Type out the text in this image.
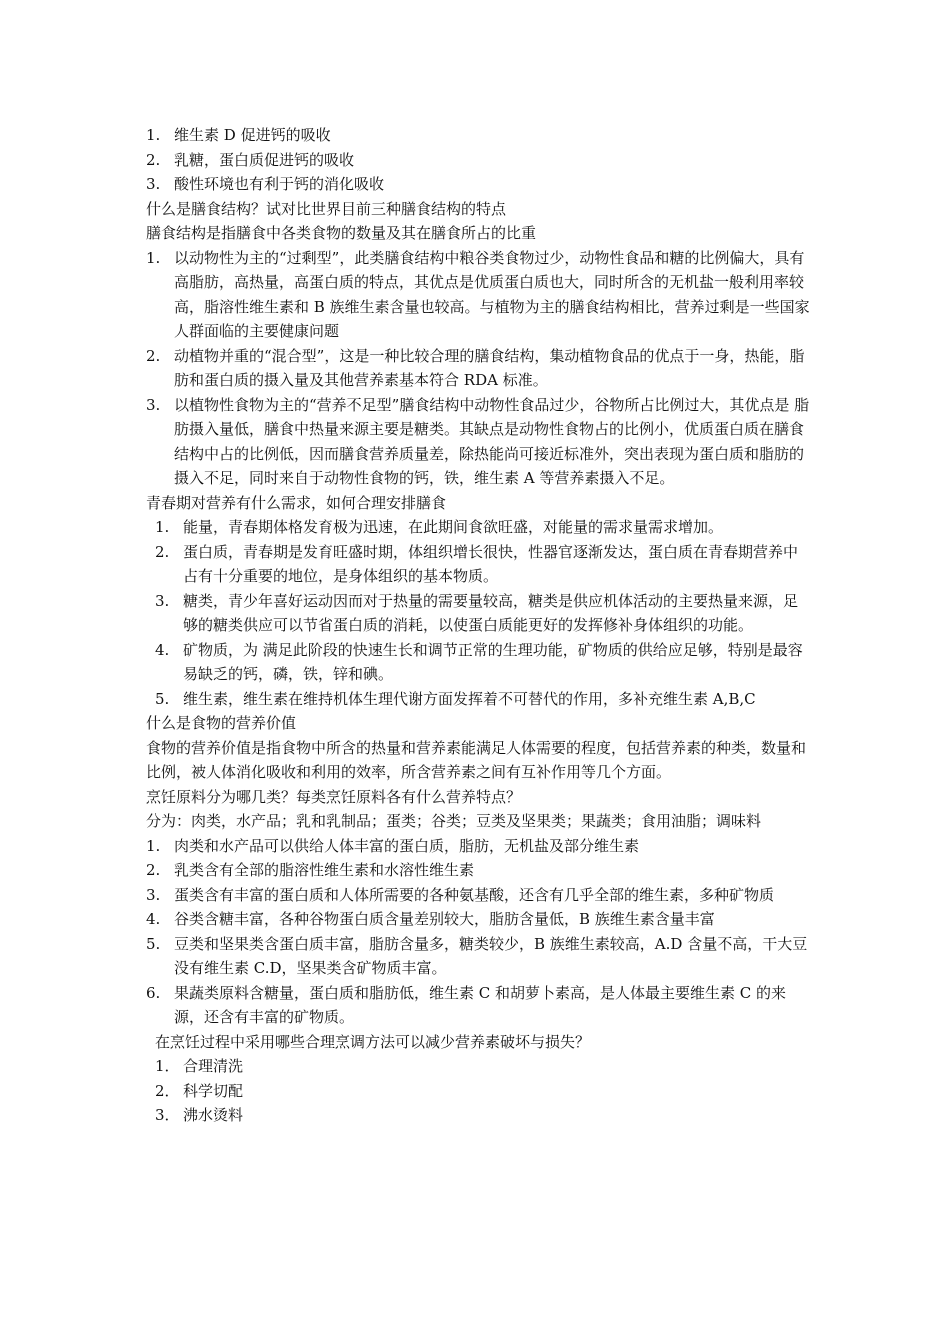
1. 维生素 D 促进钙的吸收
2. 乳糖，蛋白质促进钙的吸收
3. 酸性环境也有利于钙的消化吸收

什么是膳食结构？试对比世界目前三种膳食结构的特点

膳食结构是指膳食中各类食物的数量及其在膳食所占的比重

1. 以动物性为主的“过剩型”，此类膳食结构中粮谷类食物过少，动物性食品和糖的比例偏大，具有高脂肪，高热量，高蛋白质的特点，其优点是优质蛋白质也大，同时所含的无机盐一般利用率较高，脂溶性维生素和 B 族维生素含量也较高。与植物为主的膳食结构相比，营养过剩是一些国家人群面临的主要健康问题
2. 动植物并重的“混合型”，这是一种比较合理的膳食结构，集动植物食品的优点于一身，热能，脂肪和蛋白质的摄入量及其他营养素基本符合 RDA 标准。
3. 以植物性食物为主的“营养不足型”膳食结构中动物性食品过少，谷物所占比例过大，其优点是 脂肪摄入量低，膳食中热量来源主要是糖类。其缺点是动物性食物占的比例小，优质蛋白质在膳食结构中占的比例低，因而膳食营养质量差，除热能尚可接近标准外，突出表现为蛋白质和脂肪的摄入不足，同时来自于动物性食物的钙，铁，维生素 A 等营养素摄入不足。

青春期对营养有什么需求，如何合理安排膳食

1. 能量，青春期体格发育极为迅速，在此期间食欲旺盛，对能量的需求量需求增加。
2. 蛋白质，青春期是发育旺盛时期，体组织增长很快，性器官逐渐发达，蛋白质在青春期营养中占有十分重要的地位，是身体组织的基本物质。
3. 糖类，青少年喜好运动因而对于热量的需要量较高，糖类是供应机体活动的主要热量来源，足够的糖类供应可以节省蛋白质的消耗，以使蛋白质能更好的发挥修补身体组织的功能。
4. 矿物质，为 满足此阶段的快速生长和调节正常的生理功能，矿物质的供给应足够，特别是最容易缺乏的钙，磷，铁，锌和碘。
5. 维生素，维生素在维持机体生理代谢方面发挥着不可替代的作用，多补充维生素 A,B,C

什么是食物的营养价值

食物的营养价值是指食物中所含的热量和营养素能满足人体需要的程度，包括营养素的种类，数量和比例，被人体消化吸收和利用的效率，所含营养素之间有互补作用等几个方面。

烹饪原料分为哪几类？每类烹饪原料各有什么营养特点？

分为：肉类，水产品；乳和乳制品；蛋类；谷类；豆类及坚果类；果蔬类；食用油脂；调味料

1. 肉类和水产品可以供给人体丰富的蛋白质，脂肪，无机盐及部分维生素
2. 乳类含有全部的脂溶性维生素和水溶性维生素
3. 蛋类含有丰富的蛋白质和人体所需要的各种氨基酸，还含有几乎全部的维生素，多种矿物质
4. 谷类含糖丰富，各种谷物蛋白质含量差别较大，脂肪含量低，B 族维生素含量丰富
5. 豆类和坚果类含蛋白质丰富，脂肪含量多，糖类较少，B 族维生素较高，A.D 含量不高，干大豆没有维生素 C.D，坚果类含矿物质丰富。
6. 果蔬类原料含糖量，蛋白质和脂肪低，维生素 C 和胡萝卜素高，是人体最主要维生素 C 的来源，还含有丰富的矿物质。

在烹饪过程中采用哪些合理烹调方法可以减少营养素破坏与损失？

1． 合理清洗
2． 科学切配
3． 沸水烫料
